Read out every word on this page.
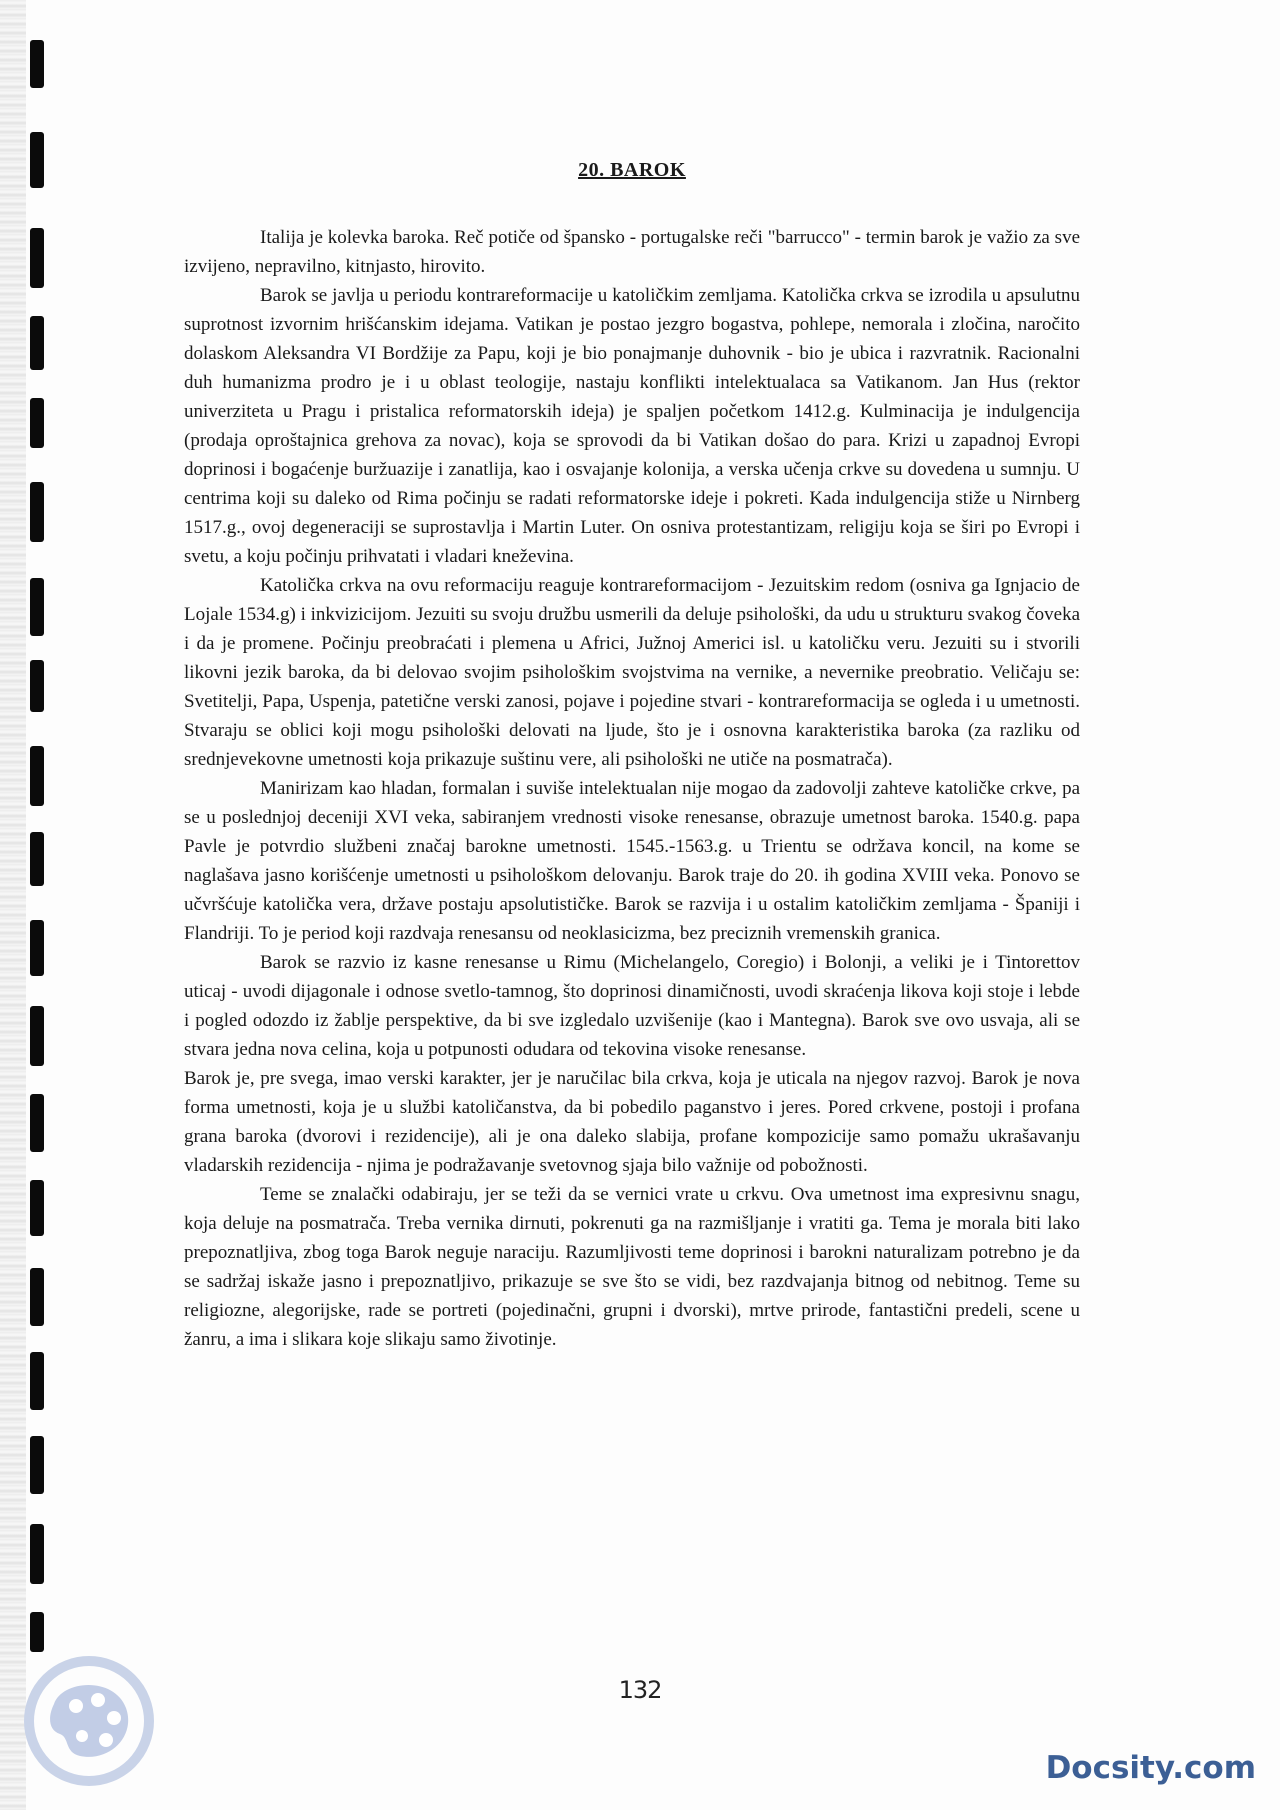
20. BAROK

Italija je kolevka baroka. Reč potiče od špansko - portugalske reči "barrucco" - termin barok je važio za sve izvijeno, nepravilno, kitnjasto, hirovito.

Barok se javlja u periodu kontrareformacije u katoličkim zemljama. Katolička crkva se izrodila u apsulutnu suprotnost izvornim hrišćanskim idejama. Vatikan je postao jezgro bogastva, pohlepe, nemorala i zločina, naročito dolaskom Aleksandra VI Bordžije za Papu, koji je bio ponajmanje duhovnik - bio je ubica i razvratnik. Racionalni duh humanizma prodro je i u oblast teologije, nastaju konflikti intelektualaca sa Vatikanom. Jan Hus (rektor univerziteta u Pragu i pristalica reformatorskih ideja) je spaljen početkom 1412.g. Kulminacija je indulgencija (prodaja oproštajnica grehova za novac), koja se sprovodi da bi Vatikan došao do para. Krizi u zapadnoj Evropi doprinosi i bogaćenje buržuazije i zanatlija, kao i osvajanje kolonija, a verska učenja crkve su dovedena u sumnju. U centrima koji su daleko od Rima počinju se radati reformatorske ideje i pokreti. Kada indulgencija stiže u Nirnberg 1517.g., ovoj degeneraciji se suprostavlja i Martin Luter. On osniva protestantizam, religiju koja se širi po Evropi i svetu, a koju počinju prihvatati i vladari kneževina.

Katolička crkva na ovu reformaciju reaguje kontrareformacijom - Jezuitskim redom (osniva ga Ignjacio de Lojale 1534.g) i inkvizicijom. Jezuiti su svoju družbu usmerili da deluje psihološki, da udu u strukturu svakog čoveka i da je promene. Počinju preobraćati i plemena u Africi, Južnoj Americi isl. u katoličku veru. Jezuiti su i stvorili likovni jezik baroka, da bi delovao svojim psihološkim svojstvima na vernike, a nevernike preobratio. Veličaju se: Svetitelji, Papa, Uspenja, patetične verski zanosi, pojave i pojedine stvari - kontrareformacija se ogleda i u umetnosti. Stvaraju se oblici koji mogu psihološki delovati na ljude, što je i osnovna karakteristika baroka (za razliku od srednjevekovne umetnosti koja prikazuje suštinu vere, ali psihološki ne utiče na posmatrača).

Manirizam kao hladan, formalan i suviše intelektualan nije mogao da zadovolji zahteve katoličke crkve, pa se u poslednjoj deceniji XVI veka, sabiranjem vrednosti visoke renesanse, obrazuje umetnost baroka. 1540.g. papa Pavle je potvrdio službeni značaj barokne umetnosti. 1545.-1563.g. u Trientu se održava koncil, na kome se naglašava jasno korišćenje umetnosti u psihološkom delovanju. Barok traje do 20. ih godina XVIII veka. Ponovo se učvršćuje katolička vera, države postaju apsolutističke. Barok se razvija i u ostalim katoličkim zemljama - Španiji i Flandriji. To je period koji razdvaja renesansu od neoklasicizma, bez preciznih vremenskih granica.

Barok se razvio iz kasne renesanse u Rimu (Michelangelo, Coregio) i Bolonji, a veliki je i Tintorettov uticaj - uvodi dijagonale i odnose svetlo-tamnog, što doprinosi dinamičnosti, uvodi skraćenja likova koji stoje i lebde i pogled odozdo iz žablje perspektive, da bi sve izgledalo uzvišenije (kao i Mantegna). Barok sve ovo usvaja, ali se stvara jedna nova celina, koja u potpunosti odudara od tekovina visoke renesanse.

Barok je, pre svega, imao verski karakter, jer je naručilac bila crkva, koja je uticala na njegov razvoj. Barok je nova forma umetnosti, koja je u službi katoličanstva, da bi pobedilo paganstvo i jeres. Pored crkvene, postoji i profana grana baroka (dvorovi i rezidencije), ali je ona daleko slabija, profane kompozicije samo pomažu ukrašavanju vladarskih rezidencija - njima je podražavanje svetovnog sjaja bilo važnije od pobožnosti.

Teme se znalački odabiraju, jer se teži da se vernici vrate u crkvu. Ova umetnost ima expresivnu snagu, koja deluje na posmatrača. Treba vernika dirnuti, pokrenuti ga na razmišljanje i vratiti ga. Tema je morala biti lako prepoznatljiva, zbog toga Barok neguje naraciju. Razumljivosti teme doprinosi i barokni naturalizam potrebno je da se sadržaj iskaže jasno i prepoznatljivo, prikazuje se sve što se vidi, bez razdvajanja bitnog od nebitnog. Teme su religiozne, alegorijske, rade se portreti (pojedinačni, grupni i dvorski), mrtve prirode, fantastični predeli, scene u žanru, a ima i slikara koje slikaju samo životinje.

132
Docsity.com
